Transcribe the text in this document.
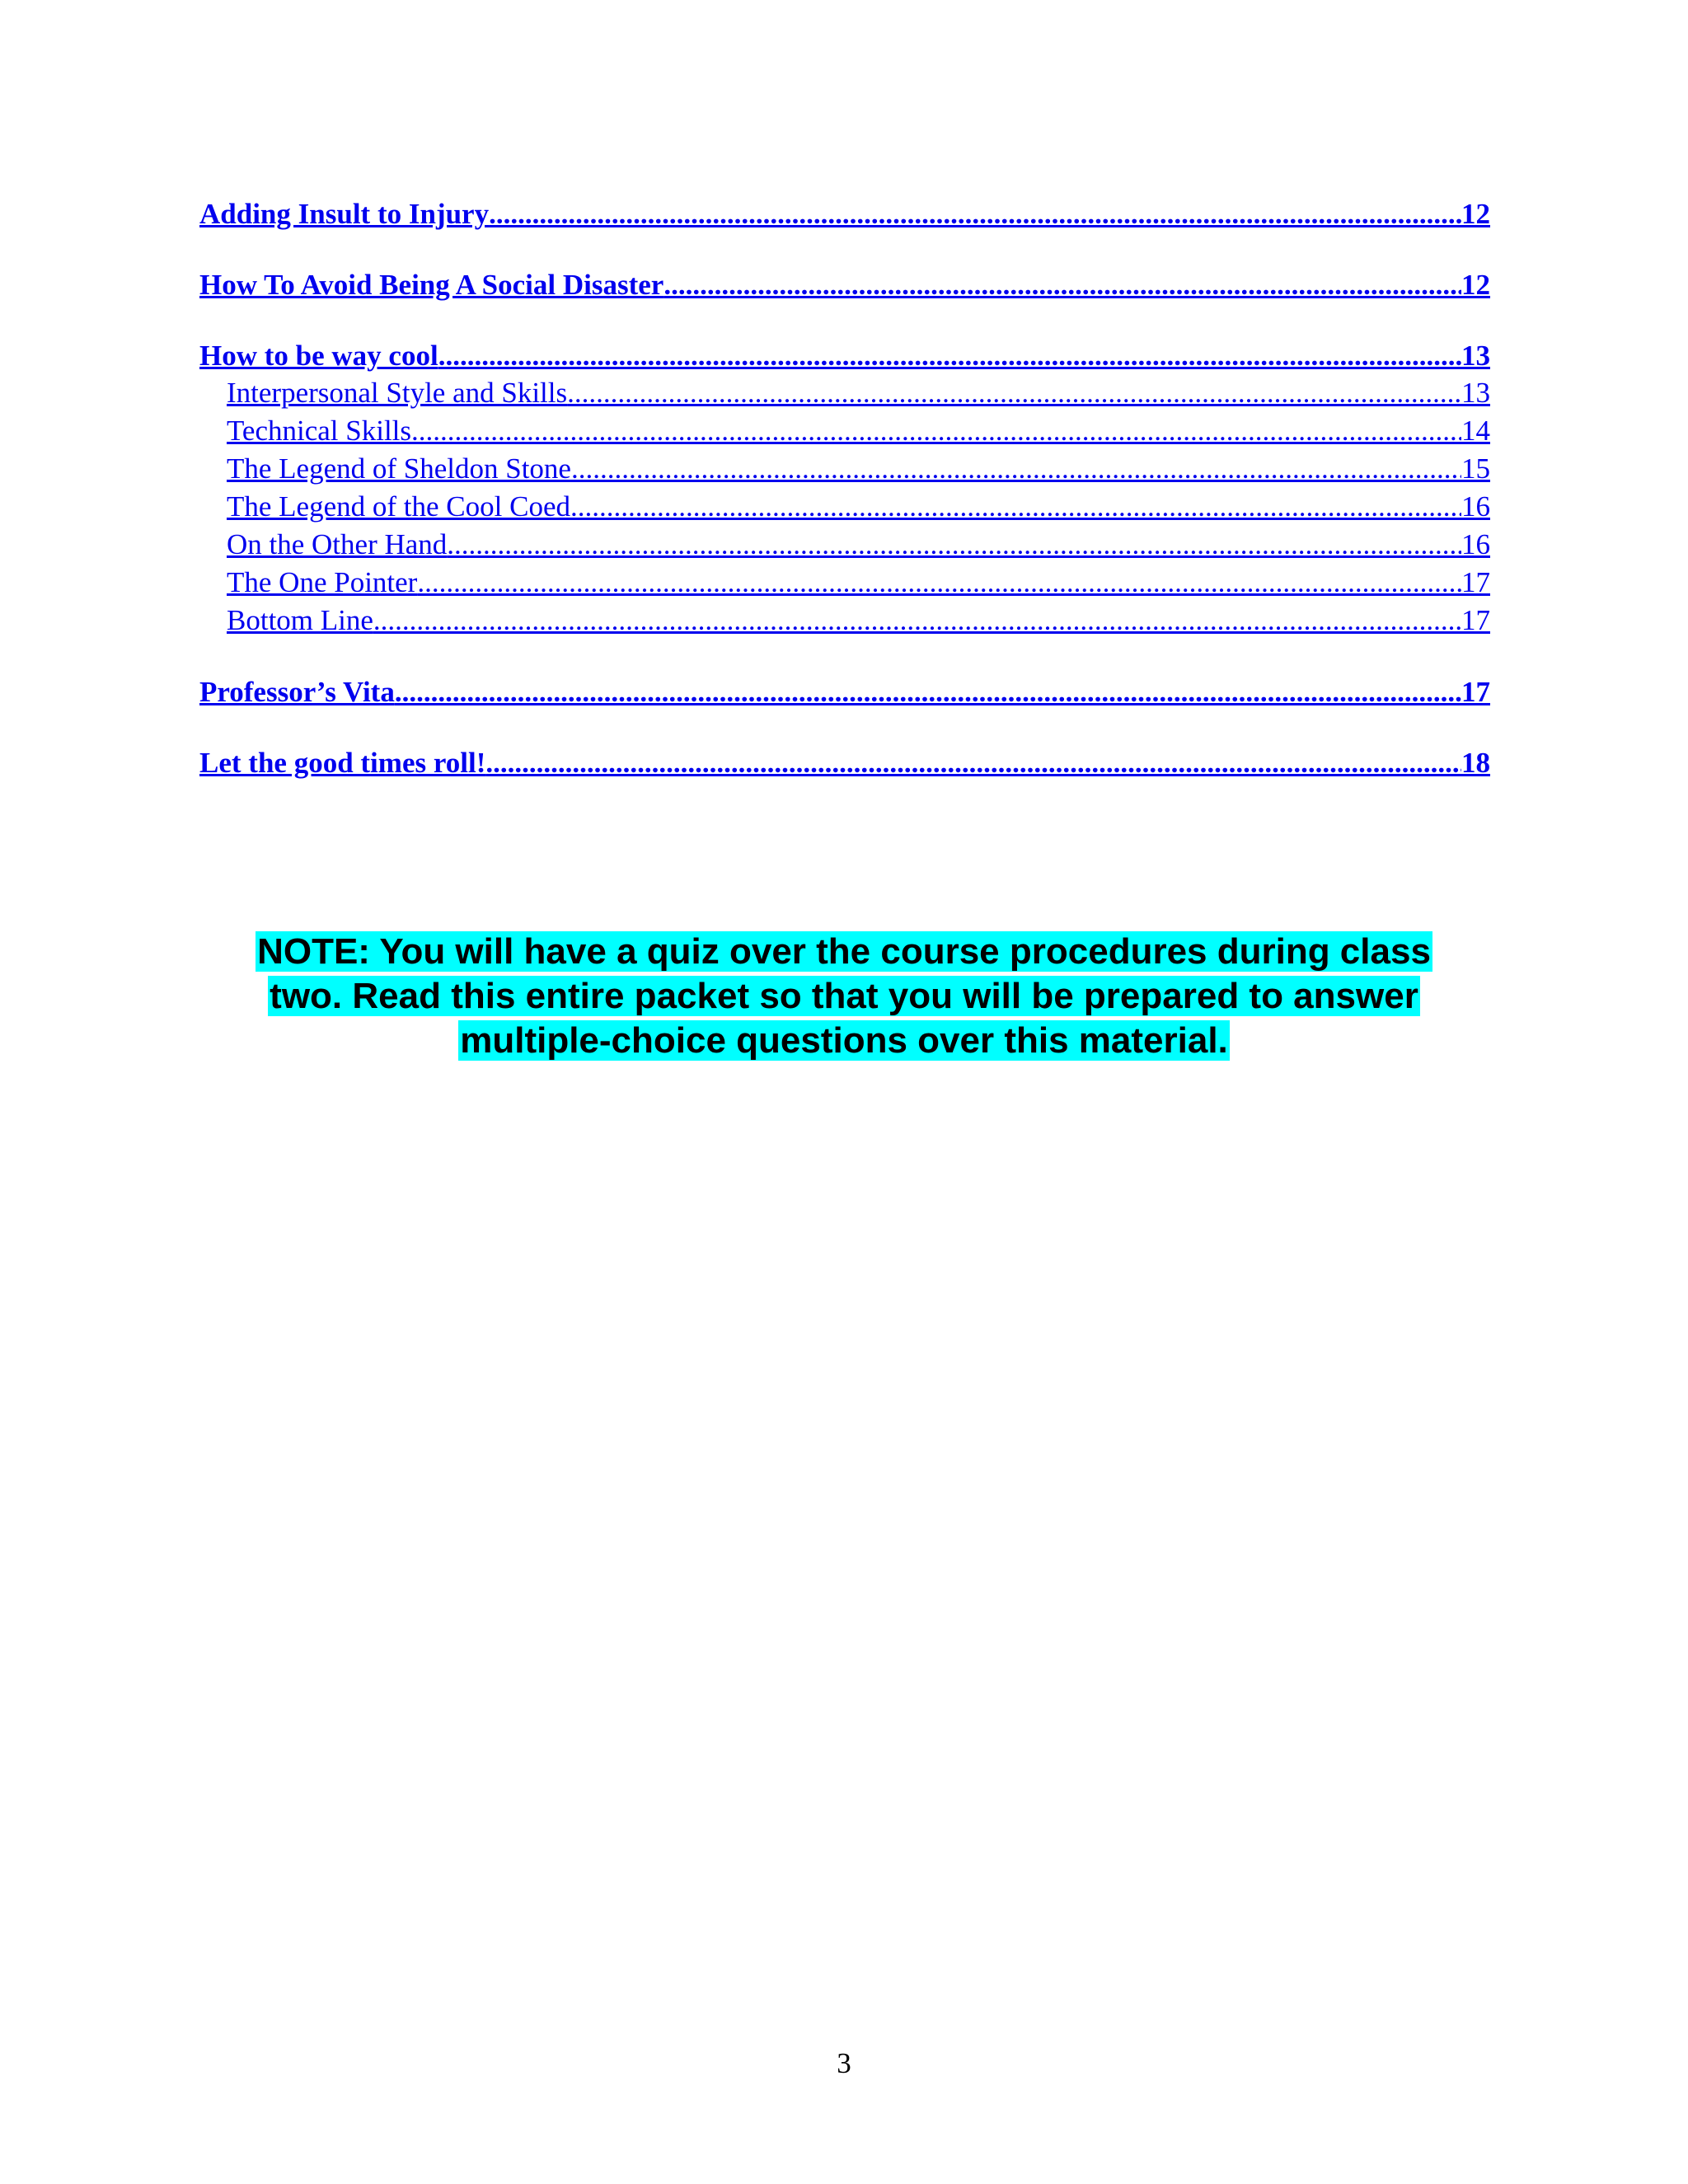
Adding Insult to Injury .....	12
How To Avoid Being A Social Disaster .....	12
How to be way cool .....	13
Interpersonal Style and Skills .....	13
Technical Skills .....	14
The Legend of Sheldon Stone .....	15
The Legend of the Cool Coed .....	16
On the Other Hand .....	16
The One Pointer .....	17
Bottom Line .....	17
Professor’s Vita .....	17
Let the good times roll! .....	18
NOTE: You will have a quiz over the course procedures during class
two. Read this entire packet so that you will be prepared to answer
multiple-choice questions over this material.
3
